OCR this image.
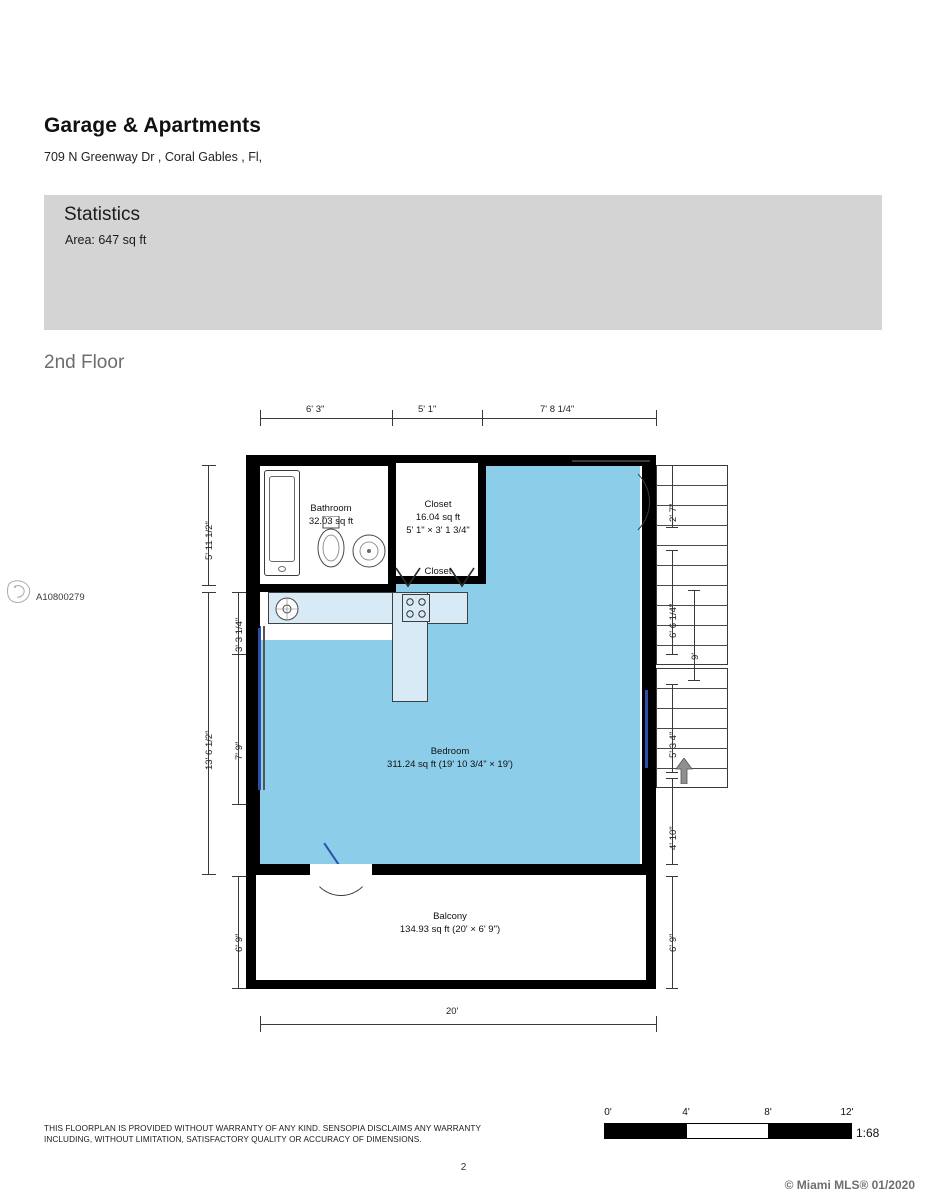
Garage & Apartments
709 N Greenway Dr , Coral Gables , Fl,
Statistics
Area: 647 sq ft
2nd Floor
A10800279
Bathroom
32.03 sq ft
Closet
16.04 sq ft
5' 1" × 3' 1 3/4"
Closet
Bedroom
311.24 sq ft (19' 10 3/4" × 19')
Balcony
134.93 sq ft (20' × 6' 9")
6' 3"	5' 1"	7' 8 1/4"
5' 11 1/2"
3' 3 1/4"
7' 9"
13' 6 1/2"
6' 9"
2' 7"
6' 6 1/4"
9'
5' 3 4"
4' 10"
6' 9"
20'
0'	4'	8'	12'
1:68
THIS FLOORPLAN IS PROVIDED WITHOUT WARRANTY OF ANY KIND. SENSOPIA DISCLAIMS ANY WARRANTY INCLUDING, WITHOUT LIMITATION, SATISFACTORY QUALITY OR ACCURACY OF DIMENSIONS.
2
© Miami MLS® 01/2020
